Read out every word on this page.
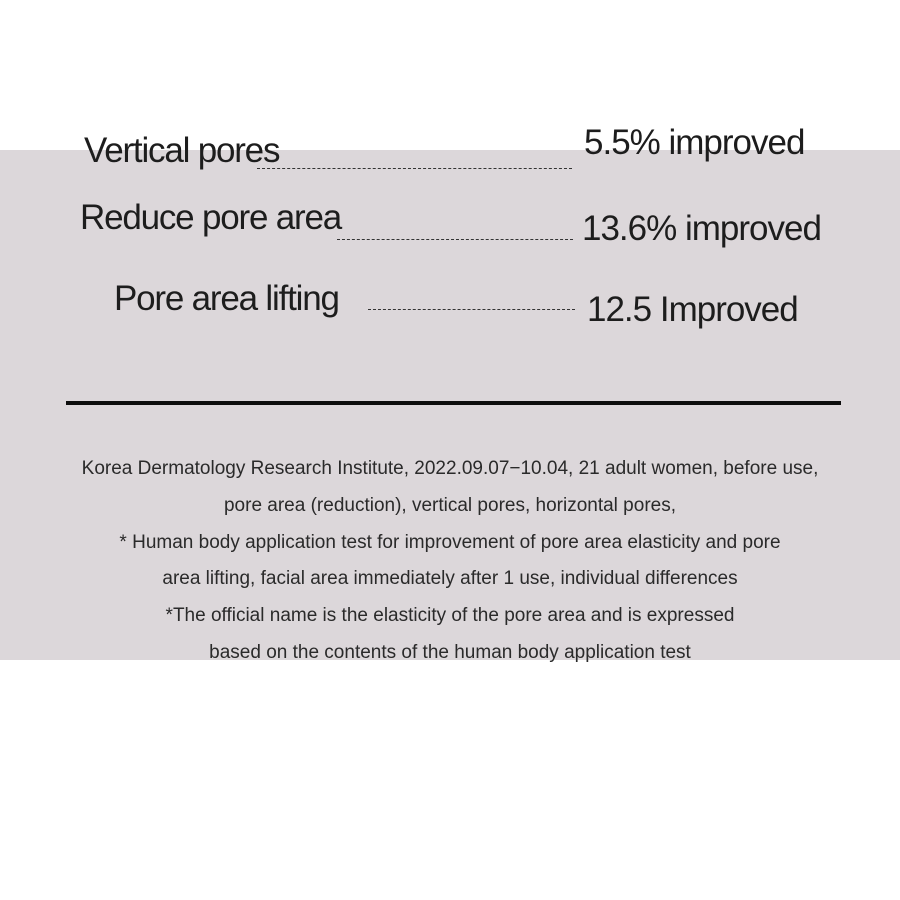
Vertical pores	5.5% improved
Reduce pore area	13.6% improved
Pore area lifting	12.5 Improved
Korea Dermatology Research Institute, 2022.09.07−10.04, 21 adult women, before use,
pore area (reduction), vertical pores, horizontal pores,
* Human body application test for improvement of pore area elasticity and pore
area lifting, facial area immediately after 1 use, individual differences
*The official name is the elasticity of the pore area and is expressed
based on the contents of the human body application test
